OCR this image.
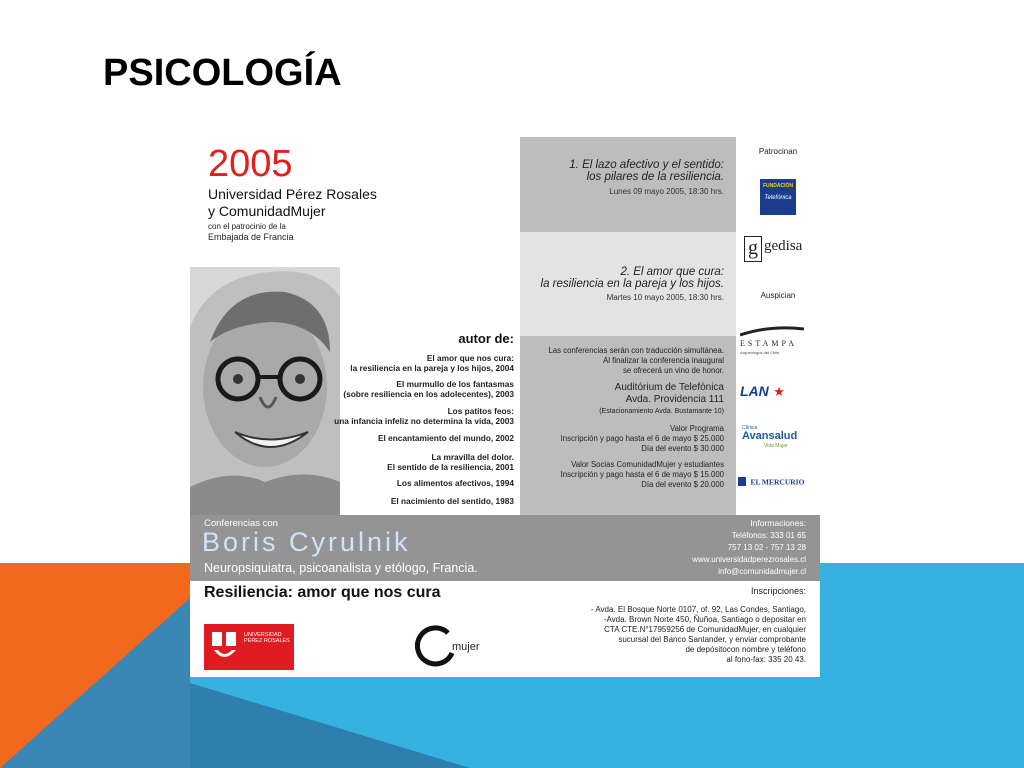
PSICOLOGÍA
2005
Universidad Pérez Rosales
y ComunidadMujer
con el patrocinio de la
Embajada de Francia
autor de:
El amor que nos cura:
la resiliencia en la pareja y los hijos, 2004
El murmullo de los fantasmas
(sobre resiliencia en los adolecentes), 2003
Los patitos feos:
una infancia infeliz no determina la vida, 2003
El encantamiento del mundo, 2002
La mravilla del dolor.
El sentido de la resiliencia, 2001
Los alimentos afectivos, 1994
El nacimiento del sentido, 1983
1. El lazo afectivo y el sentido:
los pilares de la resiliencia.
Lunes 09 mayo 2005, 18:30 hrs.
2. El amor que cura:
la resiliencia en la pareja y los hijos.
Martes 10 mayo 2005, 18:30 hrs.
Las conferencias serán con traducción simultánea.
Al finalizar la conferencia inaugural
se ofrecerá un vino de honor.
Auditórium de Telefónica
Avda. Providencia 111
(Estacionamiento Avda. Bustamante 10)
Valor Programa
Inscripción y pago hasta el 6 de mayo $ 25.000
Día del evento $ 30.000
Valor Socias ComunidadMujer y estudiantes
Inscripción y pago hasta el 6 de mayo $ 15.000
Día del evento $ 20.000
Patrocinan
FUNDACIÓN
Telefónica
g gedisa
Auspician
ESTAMPA
Arqueólogos del Chile
LAN ★
Clínica
Avansalud
Vida Mujer
EL MERCURIO
Conferencias con
Boris Cyrulnik
Neuropsiquiatra, psicoanalista y etólogo, Francia.
Informaciones:
Teléfonos: 333 01 65
757 13 02 - 757 13 28
www.universidadperezrosales.cl
info@comunidadmujer.cl
Resiliencia: amor que nos cura	Inscripciones:
- Avda. El Bosque Norte 0107, of. 92, Las Condes, Santiago,
-Avda. Brown Norte 450, Ñuñoa, Santiago o depositar en
CTA CTE.N°17959256 de ComunidadMujer, en cualquier
sucursal del Banco Santander, y enviar comprobante
de depósitocon nombre y teléfono
al fono-fax: 335 20 43.
UNIVERSIDAD PÉREZ ROSALES	mujer
